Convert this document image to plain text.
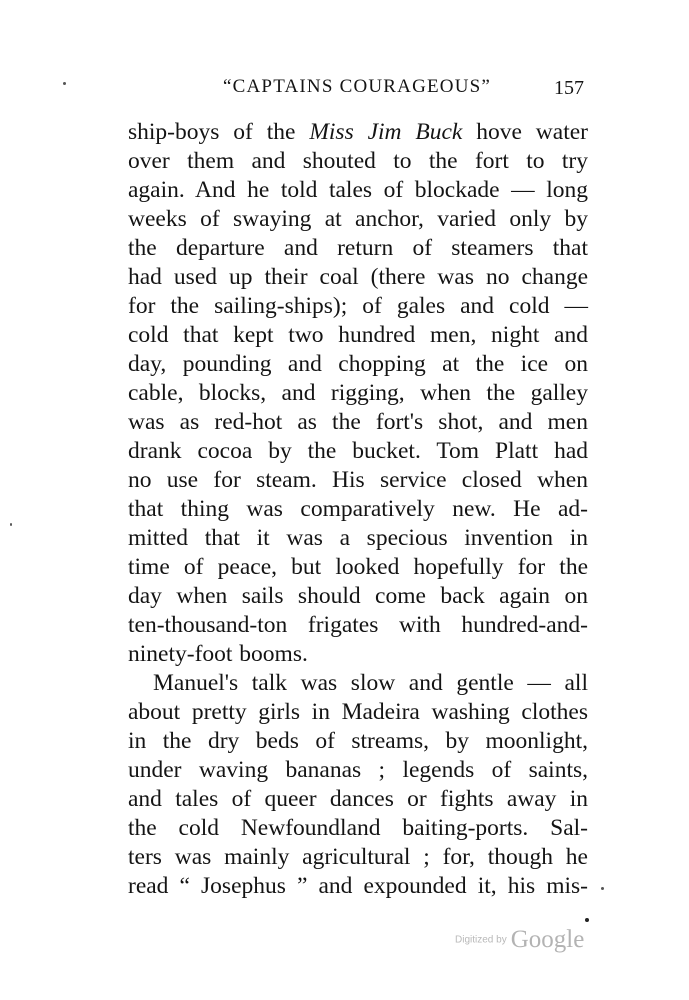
“CAPTAINS COURAGEOUS”	157
ship-boys of the Miss Jim Buck hove water
over them and shouted to the fort to try
again. And he told tales of blockade — long
weeks of swaying at anchor, varied only by
the departure and return of steamers that
had used up their coal (there was no change
for the sailing-ships); of gales and cold —
cold that kept two hundred men, night and
day, pounding and chopping at the ice on
cable, blocks, and rigging, when the galley
was as red-hot as the fort's shot, and men
drank cocoa by the bucket. Tom Platt had
no use for steam. His service closed when
that thing was comparatively new. He ad-
mitted that it was a specious invention in
time of peace, but looked hopefully for the
day when sails should come back again on
ten-thousand-ton frigates with hundred-and-
ninety-foot booms.
Manuel's talk was slow and gentle — all
about pretty girls in Madeira washing clothes
in the dry beds of streams, by moonlight,
under waving bananas ; legends of saints,
and tales of queer dances or fights away in
the cold Newfoundland baiting-ports. Sal-
ters was mainly agricultural ; for, though he
read “ Josephus ” and expounded it, his mis-
Digitized by Google
